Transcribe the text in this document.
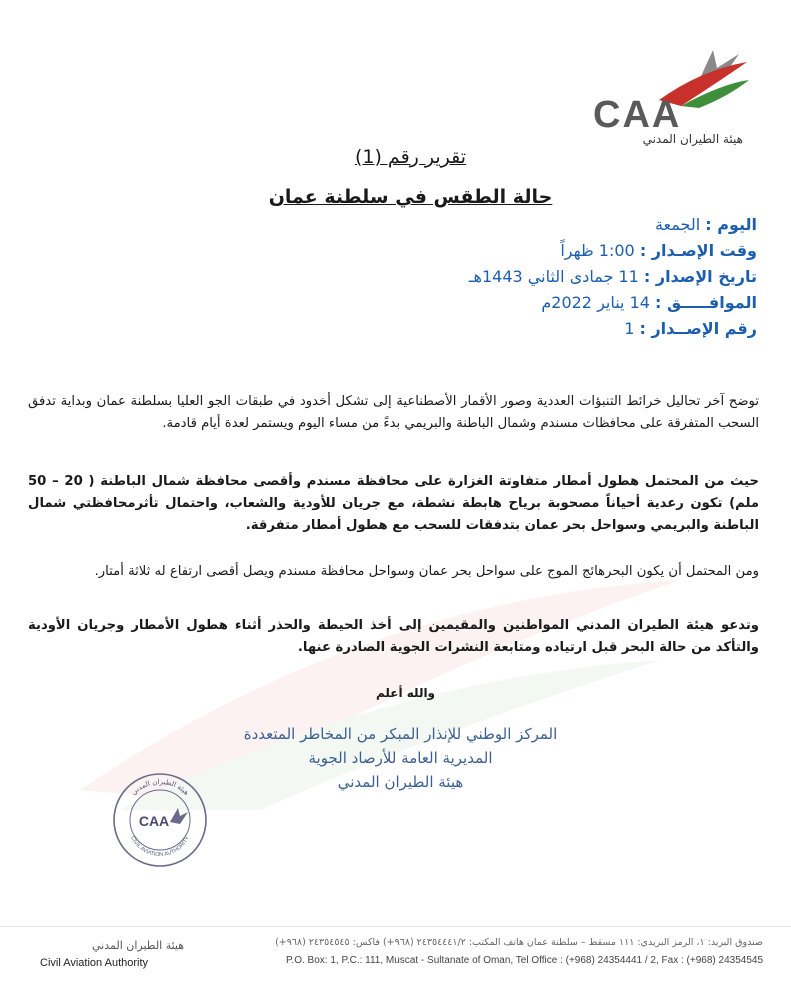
CAA
هيئة الطيران المدني
تقرير رقم (1)
حالة الطقس في سلطنة عمان
اليوم : الجمعة
وقت الإصـدار : 1:00 ظهراً
تاريخ الإصدار : 11 جمادى الثاني 1443هـ
الموافـــــق : 14 يناير 2022م
رقم الإصــدار : 1

توضح آخر تحاليل خرائط التنبؤات العددية وصور الأقمار الأصطناعية إلى تشكل أخدود في طبقات الجو العليا بسلطنة عمان وبداية تدفق السحب المتفرقة على محافظات مسندم وشمال الباطنة والبريمي بدءً من مساء اليوم ويستمر لعدة أيام قادمة.

حيث من المحتمل هطول أمطار متفاوتة الغزارة على محافظة مسندم وأقصى محافظة شمال الباطنة ( 20 – 50 ملم) تكون رعدية أحياناً مصحوبة برياح هابطة نشطة، مع جريان للأودية والشعاب، واحتمال تأثرمحافظتي شمال الباطنة والبريمي وسواحل بحر عمان بتدفقات للسحب مع هطول أمطار متفرقة.

ومن المحتمل أن يكون البحرهائج الموج على سواحل بحر عمان وسواحل محافظة مسندم ويصل أقصى ارتفاع له ثلاثة أمتار.

وتدعو هيئة الطيران المدني المواطنين والمقيمين إلى أخذ الحيطة والحذر أثناء هطول الأمطار وجريان الأودية والتأكد من حالة البحر قبل ارتياده ومتابعة النشرات الجوية الصادرة عنها.

والله أعلم
المركز الوطني للإنذار المبكر من المخاطر المتعددة
المديرية العامة للأرصاد الجوية
هيئة الطيران المدني
هيئة الطيران المدني
CIVIL AVIATION AUTHORITY
CAA
هيئة الطيران المدني
Civil Aviation Authority
صندوق البريد: ١، الرمز البريدي: ١١١ مسقط – سلطنة عمان هاتف المكتب: ٢٤٣٥٤٤٤١/٢ (٩٦٨+) فاكس: ٢٤٣٥٤٥٤٥ (٩٦٨+)
P.O. Box: 1, P.C.: 111, Muscat - Sultanate of Oman, Tel Office : (+968) 24354441 / 2, Fax : (+968) 24354545
